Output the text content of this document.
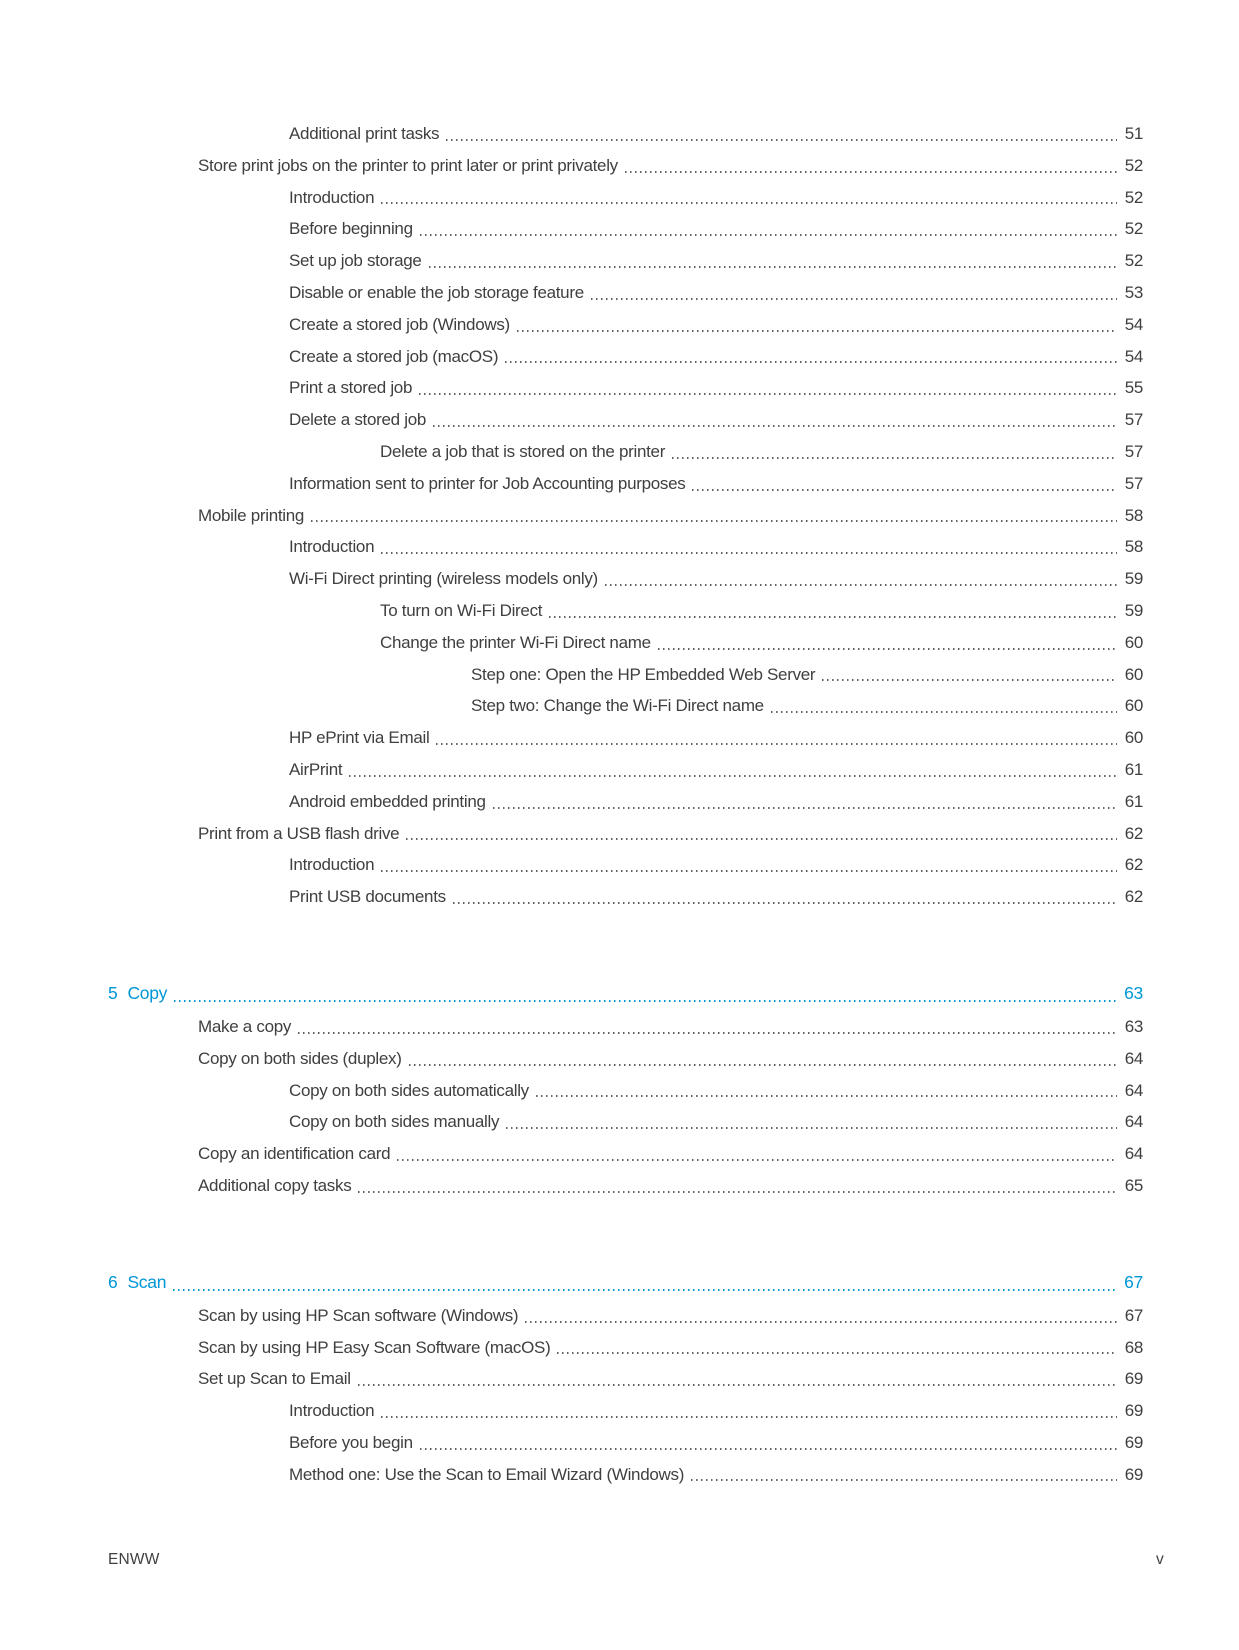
Additional print tasks	51
Store print jobs on the printer to print later or print privately	52
Introduction	52
Before beginning	52
Set up job storage	52
Disable or enable the job storage feature	53
Create a stored job (Windows)	54
Create a stored job (macOS)	54
Print a stored job	55
Delete a stored job	57
Delete a job that is stored on the printer	57
Information sent to printer for Job Accounting purposes	57
Mobile printing	58
Introduction	58
Wi-Fi Direct printing (wireless models only)	59
To turn on Wi-Fi Direct	59
Change the printer Wi-Fi Direct name	60
Step one: Open the HP Embedded Web Server	60
Step two: Change the Wi-Fi Direct name	60
HP ePrint via Email	60
AirPrint	61
Android embedded printing	61
Print from a USB flash drive	62
Introduction	62
Print USB documents	62
5 Copy	63
Make a copy	63
Copy on both sides (duplex)	64
Copy on both sides automatically	64
Copy on both sides manually	64
Copy an identification card	64
Additional copy tasks	65
6 Scan	67
Scan by using HP Scan software (Windows)	67
Scan by using HP Easy Scan Software (macOS)	68
Set up Scan to Email	69
Introduction	69
Before you begin	69
Method one: Use the Scan to Email Wizard (Windows)	69
ENWW	v
